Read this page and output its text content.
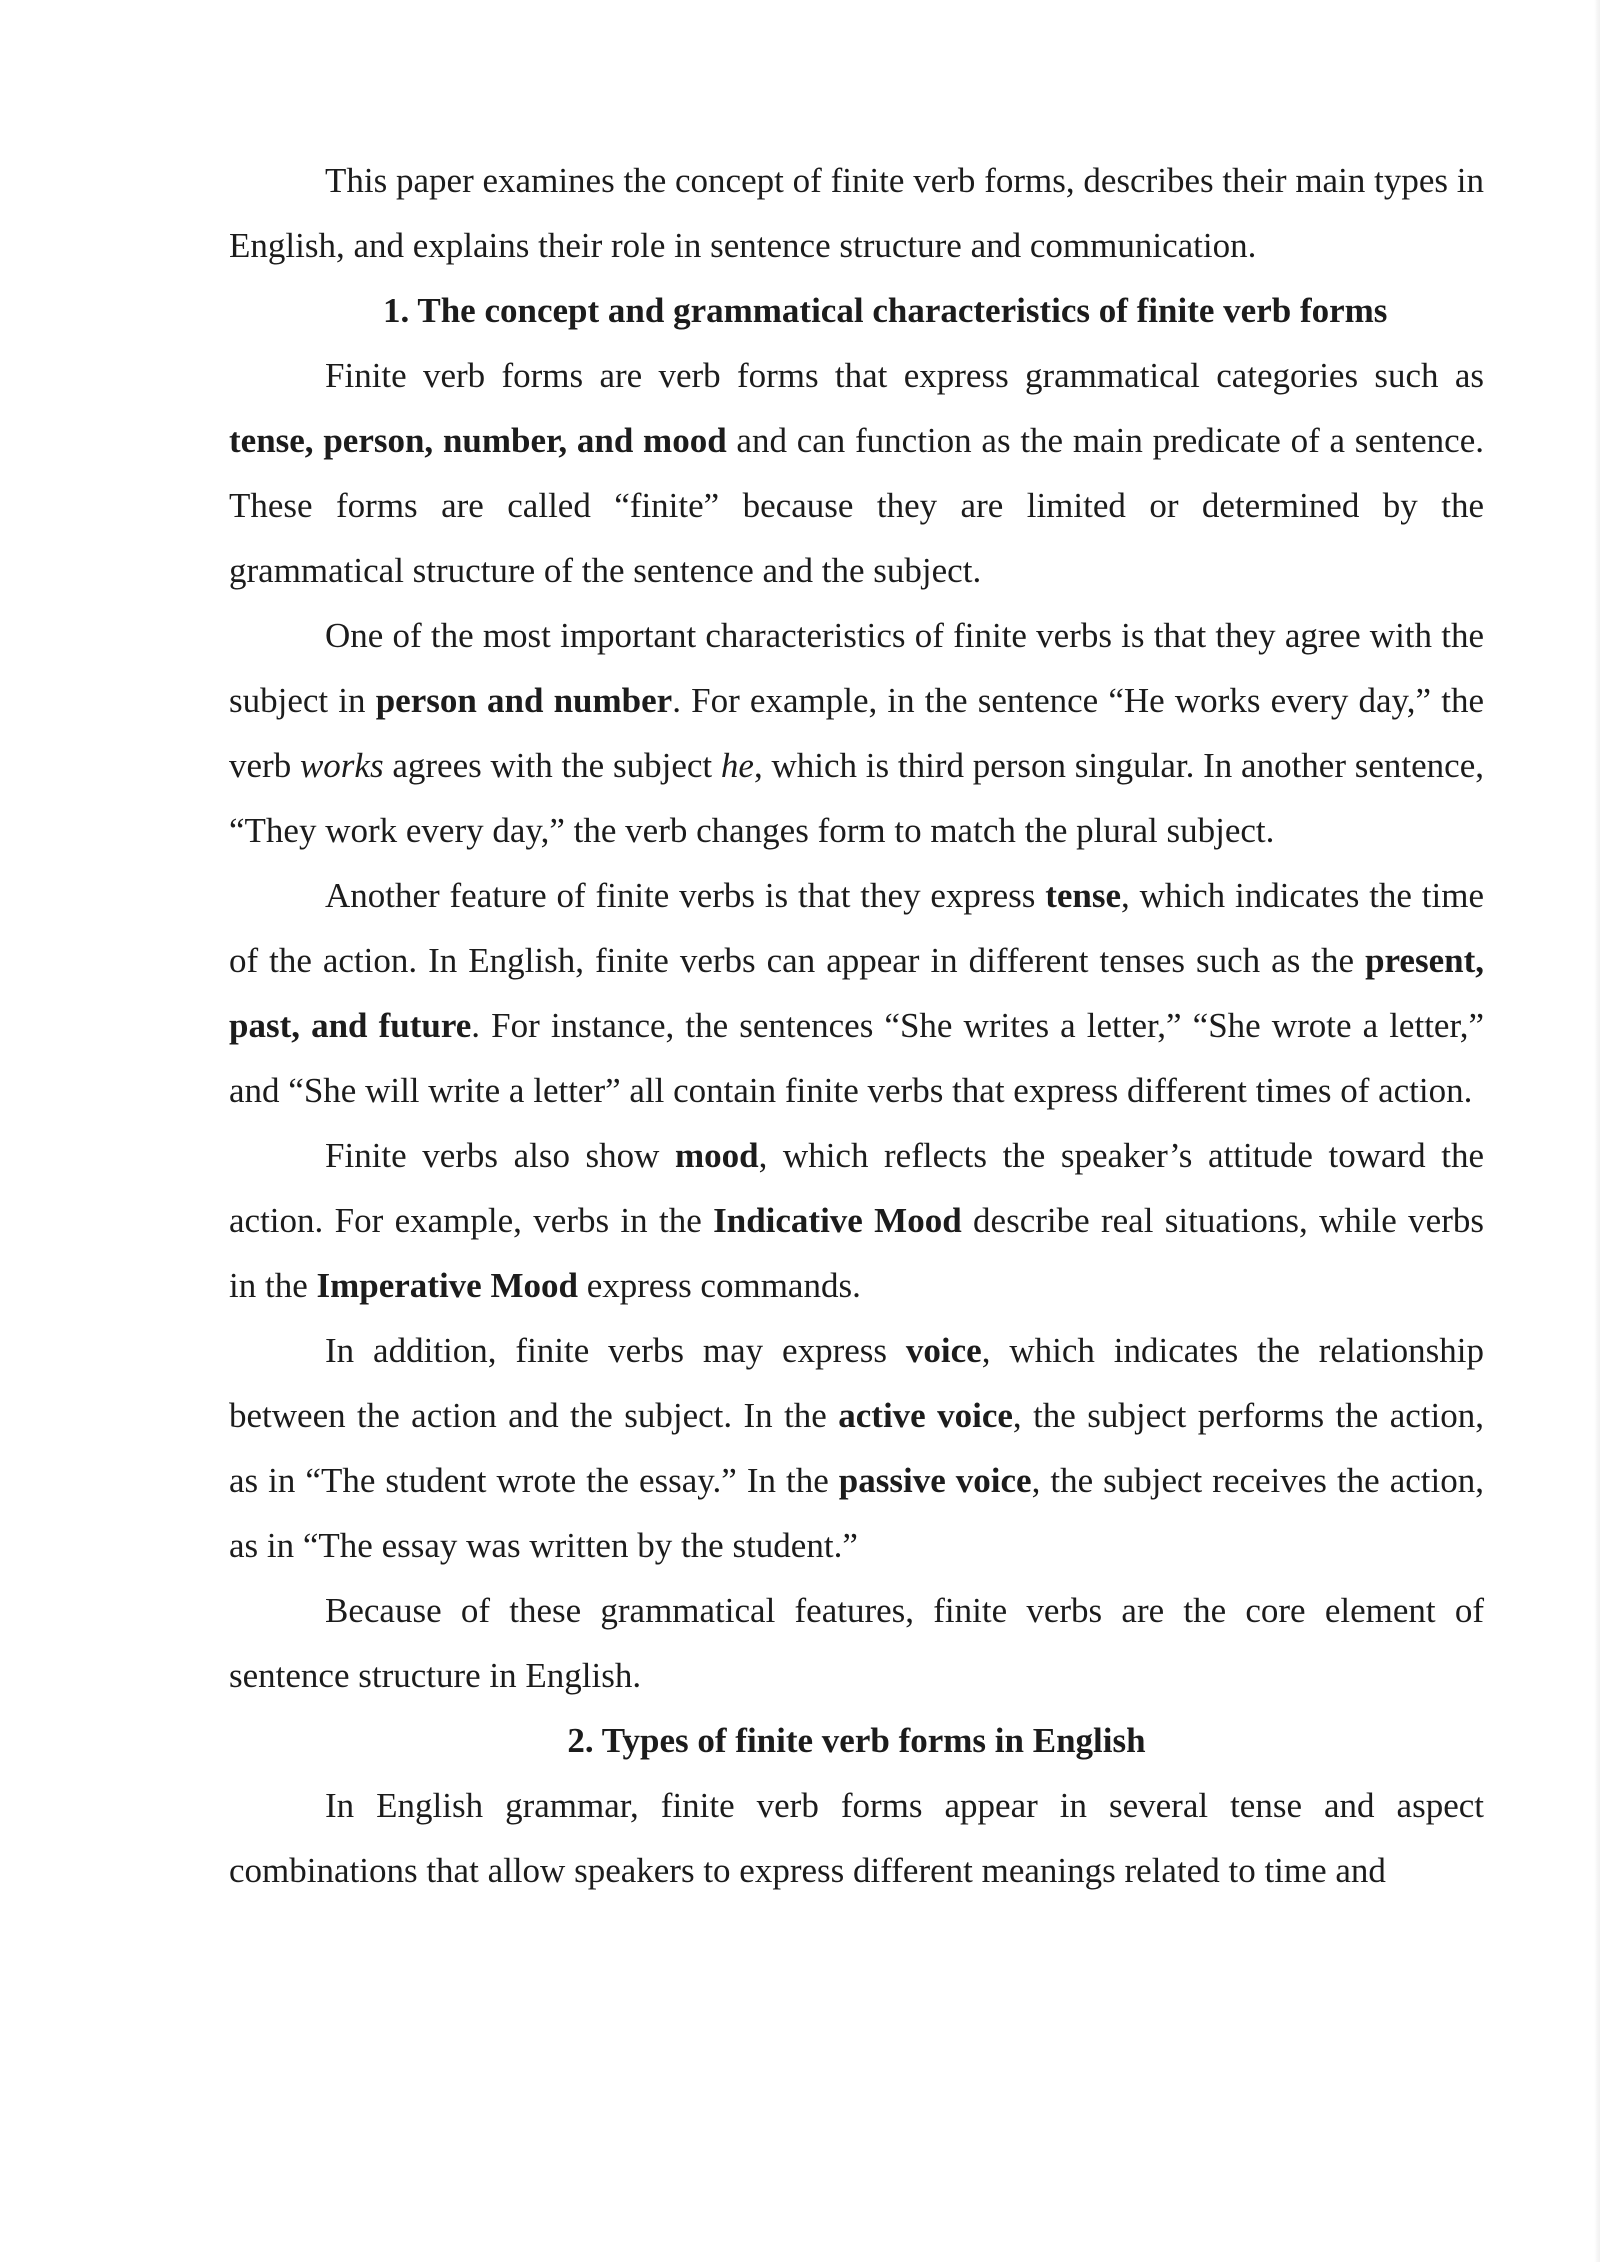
This paper examines the concept of finite verb forms, describes their main types in English, and explains their role in sentence structure and communication.

1. The concept and grammatical characteristics of finite verb forms

Finite verb forms are verb forms that express grammatical categories such as tense, person, number, and mood and can function as the main predicate of a sentence. These forms are called “finite” because they are limited or determined by the grammatical structure of the sentence and the subject.

One of the most important characteristics of finite verbs is that they agree with the subject in person and number. For example, in the sentence “He works every day,” the verb works agrees with the subject he, which is third person singular. In another sentence, “They work every day,” the verb changes form to match the plural subject.

Another feature of finite verbs is that they express tense, which indicates the time of the action. In English, finite verbs can appear in different tenses such as the present, past, and future. For instance, the sentences “She writes a letter,” “She wrote a letter,” and “She will write a letter” all contain finite verbs that express different times of action.

Finite verbs also show mood, which reflects the speaker’s attitude toward the action. For example, verbs in the Indicative Mood describe real situations, while verbs in the Imperative Mood express commands.

In addition, finite verbs may express voice, which indicates the relationship between the action and the subject. In the active voice, the subject performs the action, as in “The student wrote the essay.” In the passive voice, the subject receives the action, as in “The essay was written by the student.”

Because of these grammatical features, finite verbs are the core element of sentence structure in English.

2. Types of finite verb forms in English

In English grammar, finite verb forms appear in several tense and aspect combinations that allow speakers to express different meanings related to time and
